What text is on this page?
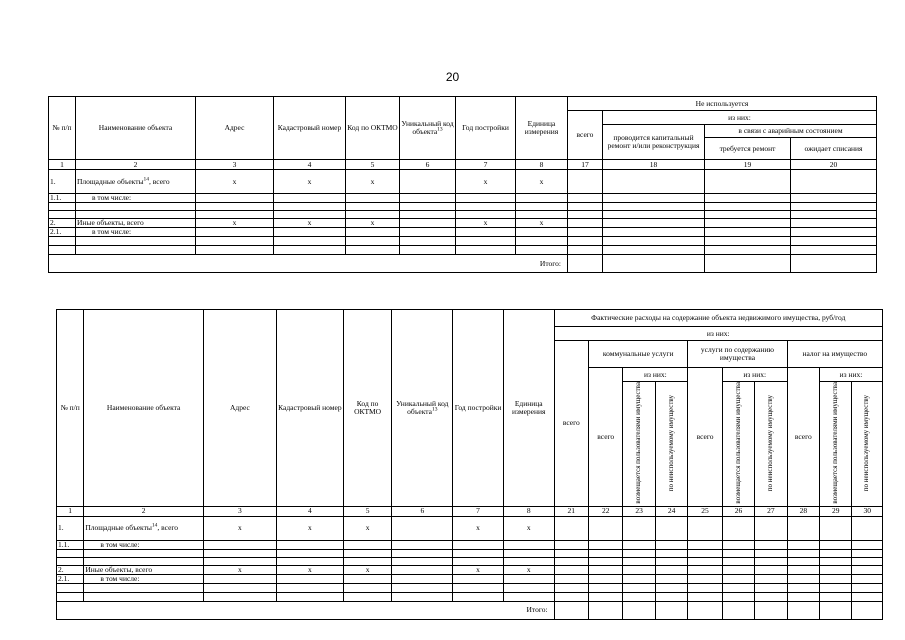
20
№ п/п	Наименование объекта	Адрес	Кадастровый номер	Код по ОКТМО	Уникальный код объекта$^{13}$	Год постройки	Единица измерения	Не используется			
								всего	из них:		
									проводится капитальный ремонт и/или реконструкция	в связи с аварийным состоянием	
										требуется ремонт	ожидает списания
1	2	3	4	5	6	7	8	17	18	19	20
1.	Площадные объекты$^{14}$, всего	x	x	x		x	x				
1.1.	в том числе:										

2.	Иные объекты, всего	x	x	x		x	x				
2.1.	в том числе:										

Итого:											
№ п/п	Наименование объекта	Адрес	Кадастровый номер	Код по ОКТМО	Уникальный код объекта$^{13}$	Год постройки	Единица измерения	Фактические расходы на содержание объекта недвижимого имущества, руб/год									
								из них:									
								всего	коммунальные услуги			услуги по содержанию имущества			налог на имущество		
									всего	из них:		всего	из них:		всего	из них:	
										возмещается пользователями имущества	по неиспользуемому имуществу		возмещается пользователями имущества	по неиспользуемому имуществу		возмещается пользователями имущества	по неиспользуемому имуществу
1	2	3	4	5	6	7	8	21	22	23	24	25	26	27	28	29	30
1.	Площадные объекты$^{14}$, всего	x	x	x		x	x										
1.1.	в том числе:																

2.	Иные объекты, всего	x	x	x		x	x										
2.1.	в том числе:																

Итого:																	
